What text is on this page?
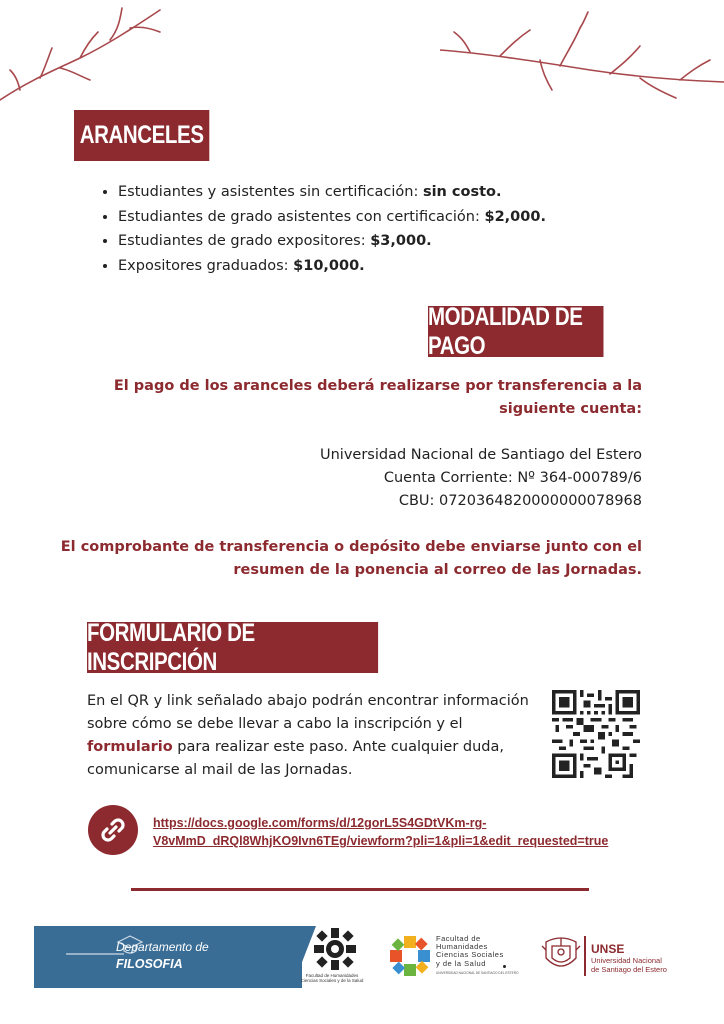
ARANCELES
• Estudiantes y asistentes sin certificación: sin costo.
• Estudiantes de grado asistentes con certificación: $2,000.
• Estudiantes de grado expositores: $3,000.
• Expositores graduados: $10,000.
MODALIDAD DE PAGO
El pago de los aranceles deberá realizarse por transferencia a la
siguiente cuenta:
Universidad Nacional de Santiago del Estero
Cuenta Corriente: Nº 364-000789/6
CBU: 0720364820000000078968
El comprobante de transferencia o depósito debe enviarse junto con el
resumen de la ponencia al correo de las Jornadas.
FORMULARIO DE INSCRIPCIÓN
En el QR y link señalado abajo podrán encontrar información
sobre cómo se debe llevar a cabo la inscripción y el
formulario para realizar este paso. Ante cualquier duda,
comunicarse al mail de las Jornadas.
https://docs.google.com/forms/d/12gorL5S4GDtVKm-rg-
V8vMmD_dRQl8WhjKO9Ivn6TEg/viewform?pli=1&pli=1&edit_requested=true
Departamento de
FILOSOFIA
Facultad de Humanidades Ciencias Sociales y de la Salud
Facultad de
Humanidades
Ciencias Sociales
y de la Salud
UNIVERSIDAD NACIONAL DE SANTIAGO DEL ESTERO
UNSE
Universidad Nacional
de Santiago del Estero
